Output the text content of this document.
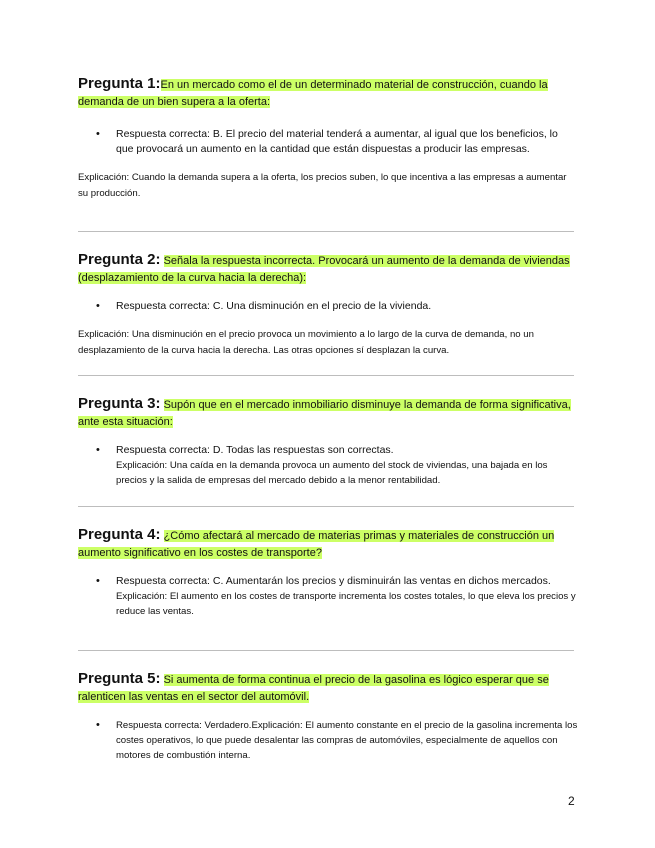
Pregunta 1:En un mercado como el de un determinado material de construcción, cuando la demanda de un bien supera a la oferta:

• Respuesta correcta: B. El precio del material tenderá a aumentar, al igual que los beneficios, lo que provocará un aumento en la cantidad que están dispuestas a producir las empresas.

Explicación: Cuando la demanda supera a la oferta, los precios suben, lo que incentiva a las empresas a aumentar su producción.

Pregunta 2: Señala la respuesta incorrecta. Provocará un aumento de la demanda de viviendas (desplazamiento de la curva hacia la derecha):

• Respuesta correcta: C. Una disminución en el precio de la vivienda.

Explicación: Una disminución en el precio provoca un movimiento a lo largo de la curva de demanda, no un desplazamiento de la curva hacia la derecha. Las otras opciones sí desplazan la curva.

Pregunta 3: Supón que en el mercado inmobiliario disminuye la demanda de forma significativa, ante esta situación:

• Respuesta correcta: D. Todas las respuestas son correctas.
Explicación: Una caída en la demanda provoca un aumento del stock de viviendas, una bajada en los precios y la salida de empresas del mercado debido a la menor rentabilidad.

Pregunta 4: ¿Cómo afectará al mercado de materias primas y materiales de construcción un aumento significativo en los costes de transporte?

• Respuesta correcta: C. Aumentarán los precios y disminuirán las ventas en dichos mercados.
Explicación: El aumento en los costes de transporte incrementa los costes totales, lo que eleva los precios y reduce las ventas.

Pregunta 5: Si aumenta de forma continua el precio de la gasolina es lógico esperar que se ralenticen las ventas en el sector del automóvil.

• Respuesta correcta: Verdadero.Explicación: El aumento constante en el precio de la gasolina incrementa los costes operativos, lo que puede desalentar las compras de automóviles, especialmente de aquellos con motores de combustión interna.
2
